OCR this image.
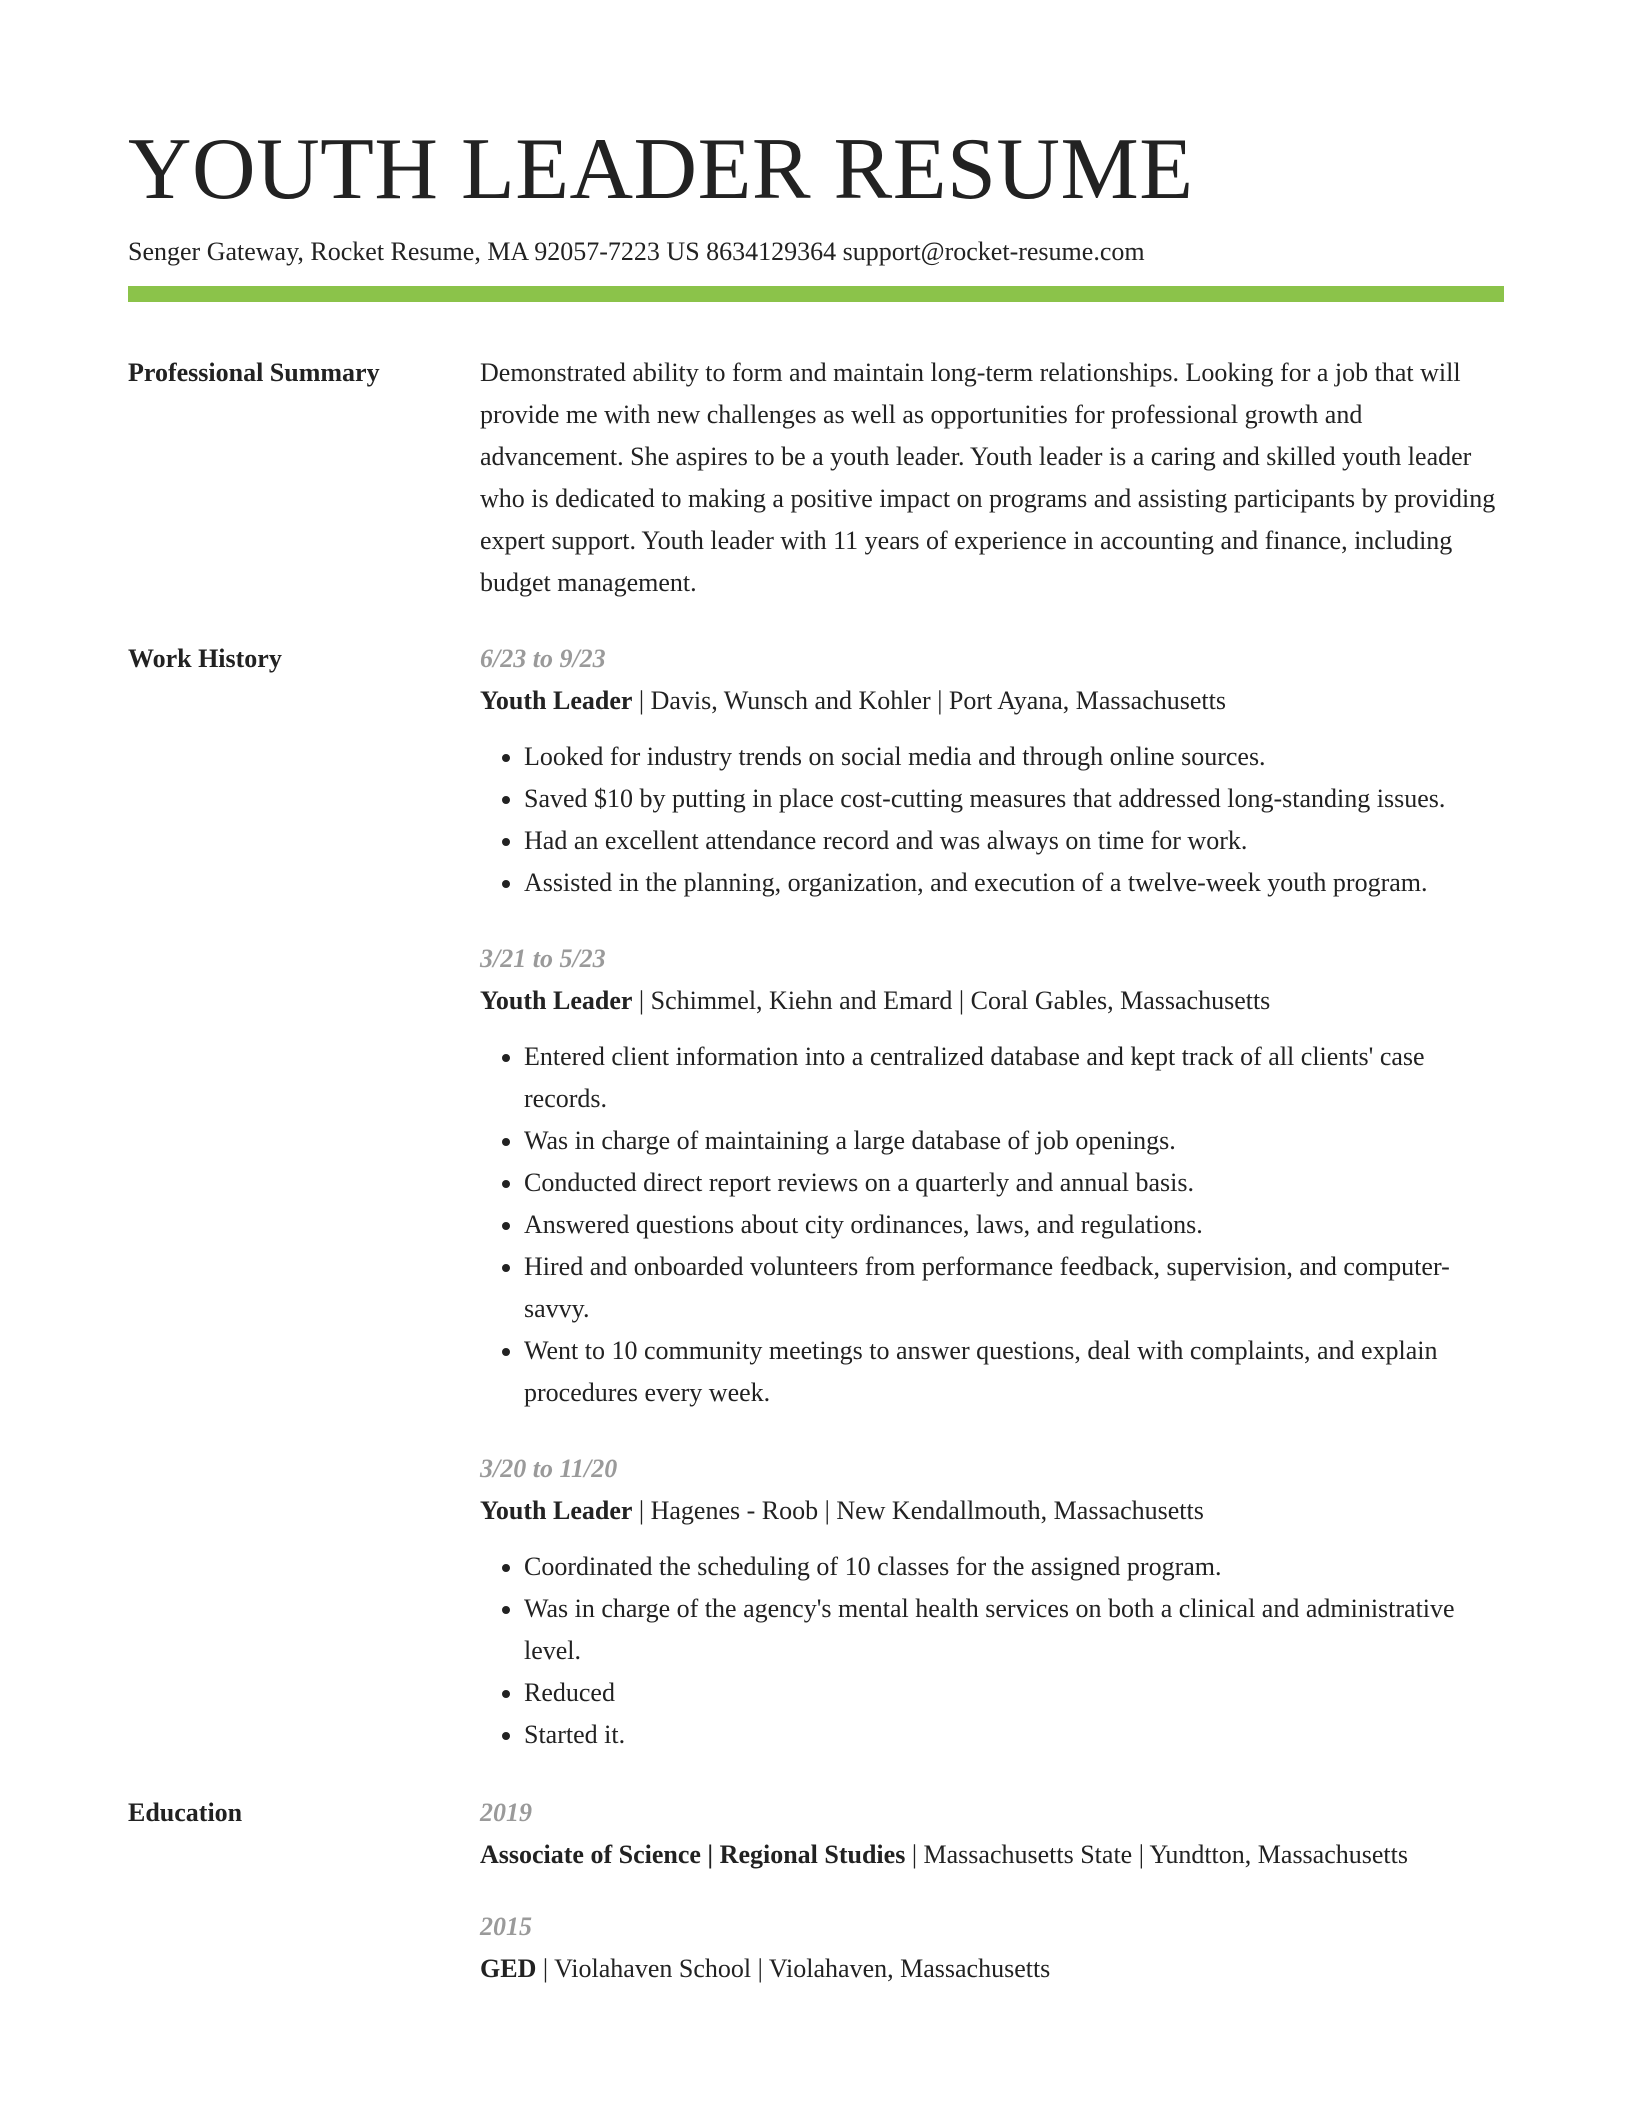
YOUTH LEADER RESUME
Senger Gateway, Rocket Resume, MA 92057-7223 US 8634129364 support@rocket-resume.com
Professional Summary	Demonstrated ability to form and maintain long-term relationships. Looking for a job that will provide me with new challenges as well as opportunities for professional growth and advancement. She aspires to be a youth leader. Youth leader is a caring and skilled youth leader who is dedicated to making a positive impact on programs and assisting participants by providing expert support. Youth leader with 11 years of experience in accounting and finance, including budget management.

Work History	6/23 to 9/23
Youth Leader | Davis, Wunsch and Kohler | Port Ayana, Massachusetts
• Looked for industry trends on social media and through online sources.
• Saved $10 by putting in place cost-cutting measures that addressed long-standing issues.
• Had an excellent attendance record and was always on time for work.
• Assisted in the planning, organization, and execution of a twelve-week youth program.
3/21 to 5/23
Youth Leader | Schimmel, Kiehn and Emard | Coral Gables, Massachusetts
• Entered client information into a centralized database and kept track of all clients' case records.
• Was in charge of maintaining a large database of job openings.
• Conducted direct report reviews on a quarterly and annual basis.
• Answered questions about city ordinances, laws, and regulations.
• Hired and onboarded volunteers from performance feedback, supervision, and computer-savvy.
• Went to 10 community meetings to answer questions, deal with complaints, and explain procedures every week.
3/20 to 11/20
Youth Leader | Hagenes - Roob | New Kendallmouth, Massachusetts
• Coordinated the scheduling of 10 classes for the assigned program.
• Was in charge of the agency's mental health services on both a clinical and administrative level.
• Reduced
• Started it.
Education	2019
Associate of Science | Regional Studies | Massachusetts State | Yundtton, Massachusetts
2015
GED | Violahaven School | Violahaven, Massachusetts
